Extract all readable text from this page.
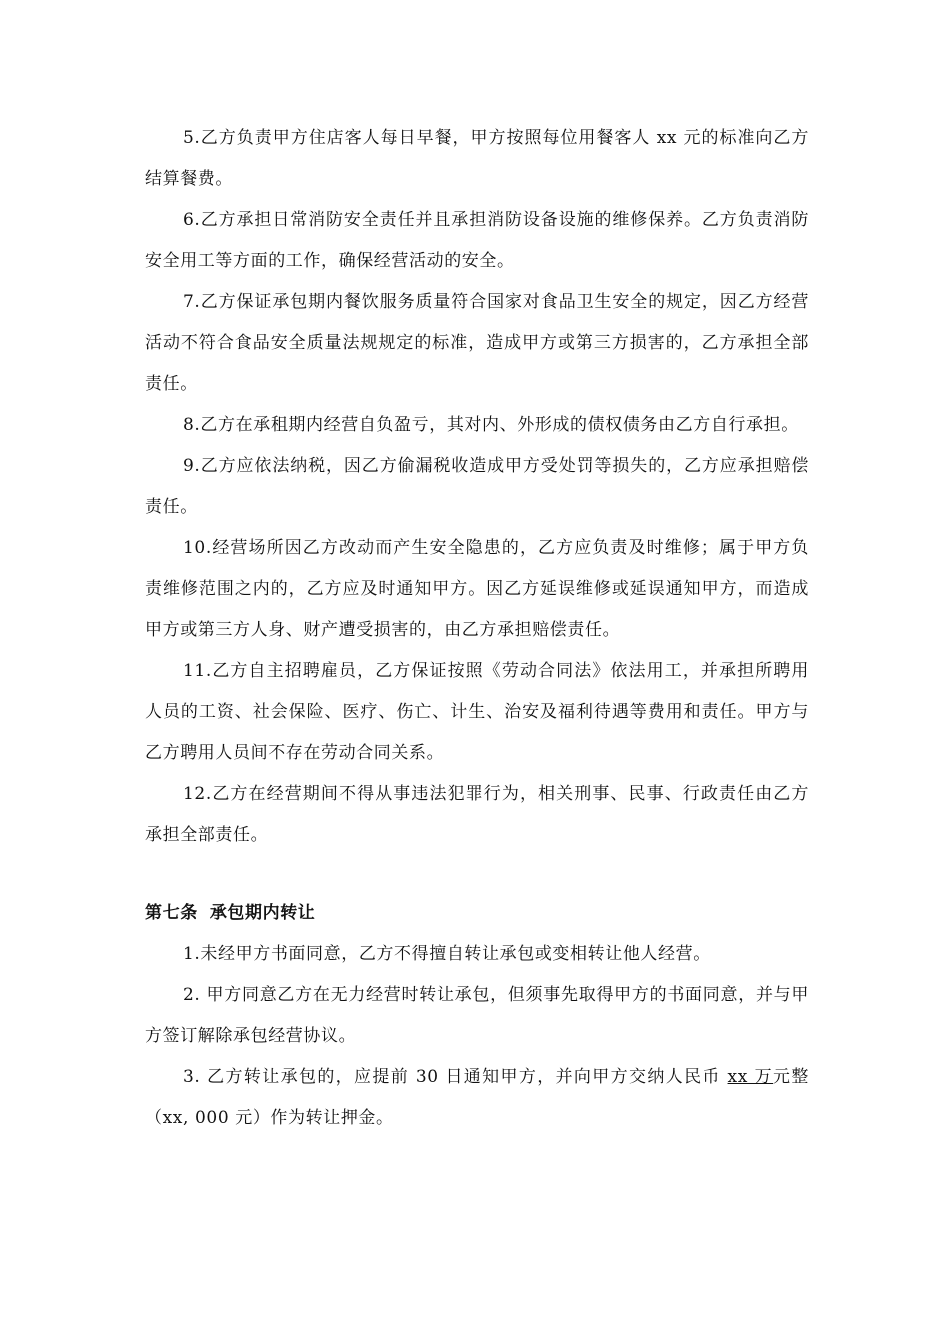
5.乙方负责甲方住店客人每日早餐，甲方按照每位用餐客人 xx 元的标准向乙方结算餐费。

6.乙方承担日常消防安全责任并且承担消防设备设施的维修保养。乙方负责消防安全用工等方面的工作，确保经营活动的安全。

7.乙方保证承包期内餐饮服务质量符合国家对食品卫生安全的规定，因乙方经营活动不符合食品安全质量法规规定的标准，造成甲方或第三方损害的，乙方承担全部责任。

8.乙方在承租期内经营自负盈亏，其对内、外形成的债权债务由乙方自行承担。

9.乙方应依法纳税，因乙方偷漏税收造成甲方受处罚等损失的，乙方应承担赔偿责任。

10.经营场所因乙方改动而产生安全隐患的，乙方应负责及时维修；属于甲方负责维修范围之内的，乙方应及时通知甲方。因乙方延误维修或延误通知甲方，而造成甲方或第三方人身、财产遭受损害的，由乙方承担赔偿责任。

11.乙方自主招聘雇员，乙方保证按照《劳动合同法》依法用工，并承担所聘用人员的工资、社会保险、医疗、伤亡、计生、治安及福利待遇等费用和责任。甲方与乙方聘用人员间不存在劳动合同关系。

12.乙方在经营期间不得从事违法犯罪行为，相关刑事、民事、行政责任由乙方承担全部责任。

第七条 承包期内转让

1.未经甲方书面同意，乙方不得擅自转让承包或变相转让他人经营。

2. 甲方同意乙方在无力经营时转让承包，但须事先取得甲方的书面同意，并与甲方签订解除承包经营协议。

3. 乙方转让承包的，应提前 30 日通知甲方，并向甲方交纳人民币 xx 万元整（xx, 000 元）作为转让押金。
